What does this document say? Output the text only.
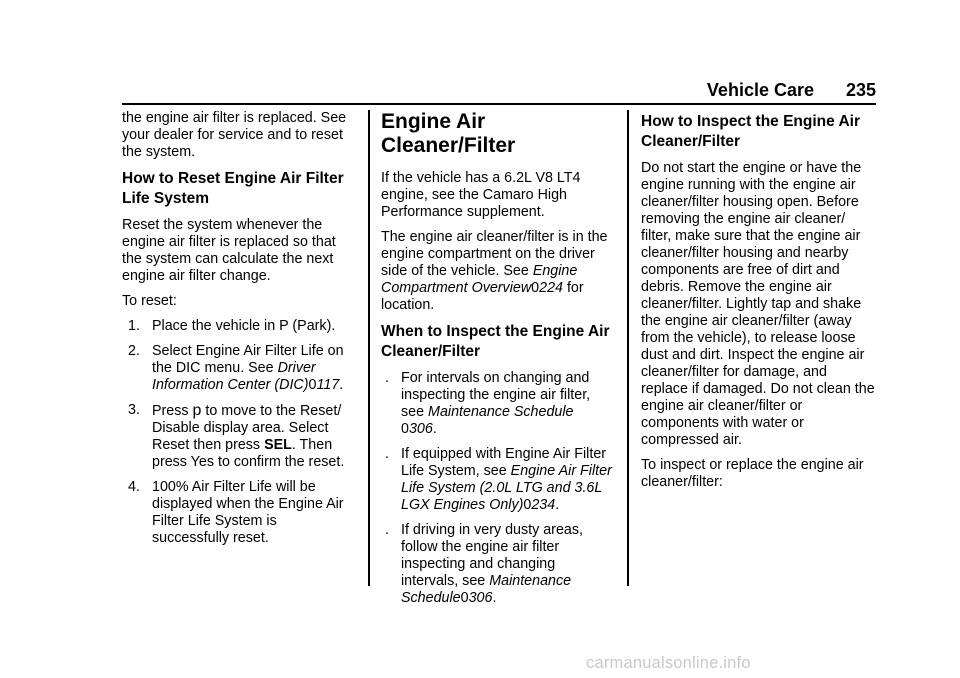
Vehicle Care 235

the engine air filter is replaced. See your dealer for service and to reset the system.

How to Reset Engine Air Filter Life System

Reset the system whenever the engine air filter is replaced so that the system can calculate the next engine air filter change.

To reset:

1. Place the vehicle in P (Park).
2. Select Engine Air Filter Life on the DIC menu. See Driver Information Center (DIC)0117.
3. Press p to move to the Reset/ Disable display area. Select Reset then press SEL. Then press Yes to confirm the reset.
4. 100% Air Filter Life will be displayed when the Engine Air Filter Life System is successfully reset.
Engine Air Cleaner/Filter

If the vehicle has a 6.2L V8 LT4 engine, see the Camaro High Performance supplement.

The engine air cleaner/filter is in the engine compartment on the driver side of the vehicle. See Engine Compartment Overview0224 for location.

When to Inspect the Engine Air Cleaner/Filter
. For intervals on changing and inspecting the engine air filter, see Maintenance Schedule
0306.
. If equipped with Engine Air Filter Life System, see Engine Air Filter Life System (2.0L LTG and 3.6L LGX Engines Only)0234.
. If driving in very dusty areas, follow the engine air filter inspecting and changing intervals, see Maintenance Schedule0306.
How to Inspect the Engine Air Cleaner/Filter

Do not start the engine or have the engine running with the engine air cleaner/filter housing open. Before removing the engine air cleaner/ filter, make sure that the engine air cleaner/filter housing and nearby components are free of dirt and debris. Remove the engine air cleaner/filter. Lightly tap and shake the engine air cleaner/filter (away from the vehicle), to release loose dust and dirt. Inspect the engine air cleaner/filter for damage, and replace if damaged. Do not clean the engine air cleaner/filter or components with water or compressed air.

To inspect or replace the engine air cleaner/filter:

carmanualsonline.info
